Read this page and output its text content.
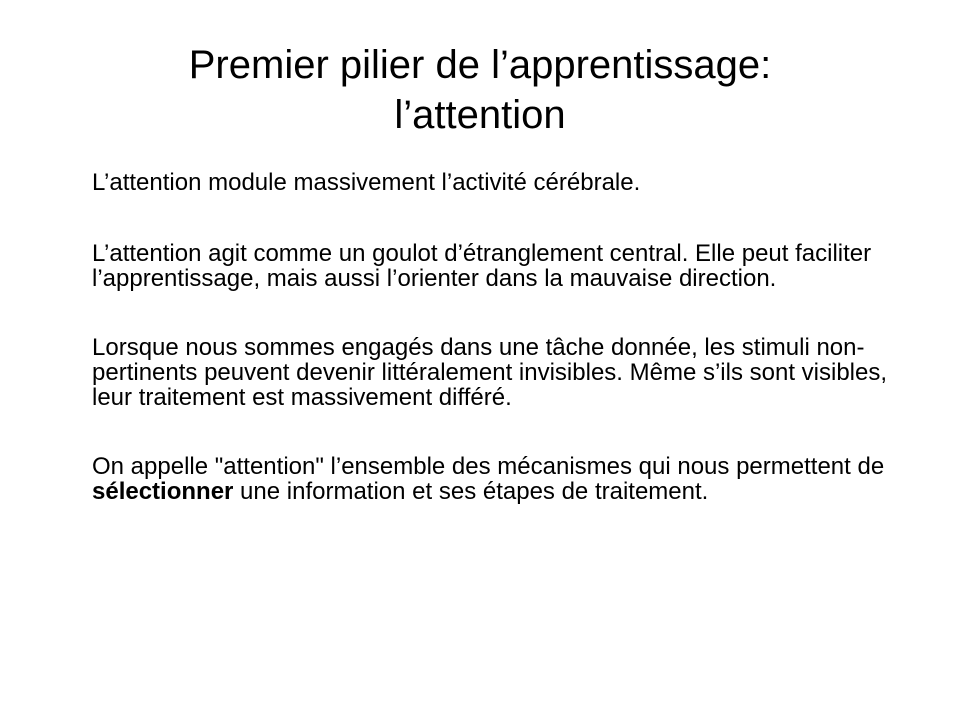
Premier pilier de l’apprentissage:
l’attention

L’attention module massivement l’activité cérébrale.

L’attention agit comme un goulot d’étranglement central. Elle peut faciliter l’apprentissage, mais aussi l’orienter dans la mauvaise direction.

Lorsque nous sommes engagés dans une tâche donnée, les stimuli non-pertinents peuvent devenir littéralement invisibles. Même s’ils sont visibles, leur traitement est massivement différé.

On appelle "attention" l’ensemble des mécanismes qui nous permettent de sélectionner une information et ses étapes de traitement.
